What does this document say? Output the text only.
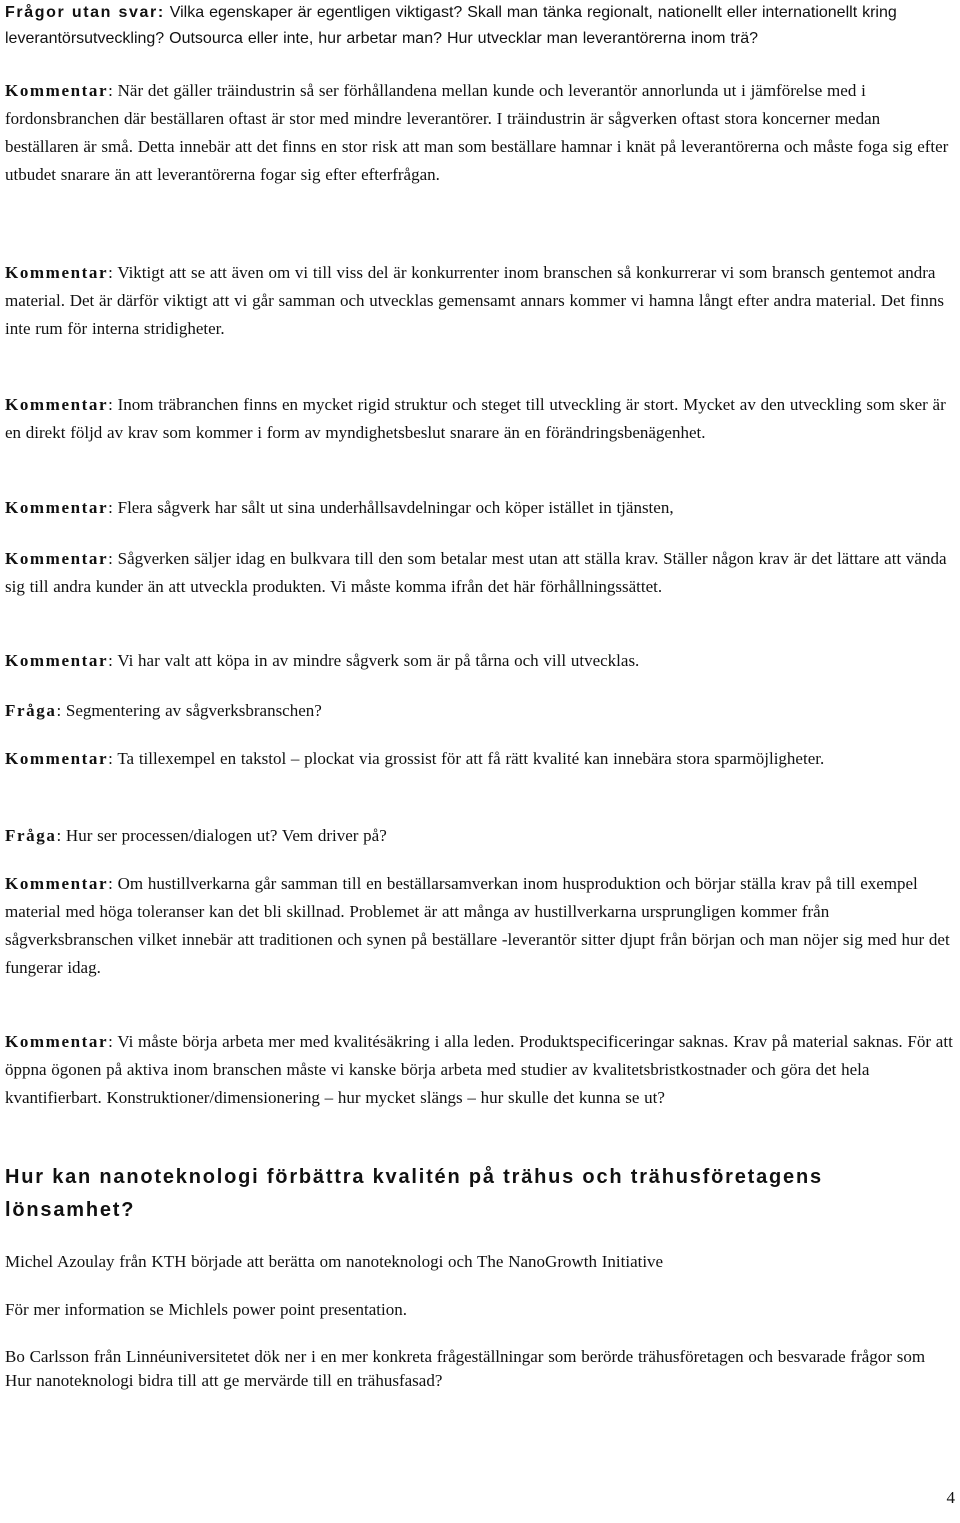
Frågor utan svar: Vilka egenskaper är egentligen viktigast? Skall man tänka regionalt, nationellt eller internationellt kring leverantörsutveckling? Outsourca eller inte, hur arbetar man? Hur utvecklar man leverantörerna inom trä?

Kommentar: När det gäller träindustrin så ser förhållandena mellan kunde och leverantör annorlunda ut i jämförelse med i fordonsbranchen där beställaren oftast är stor med mindre leverantörer. I träindustrin är sågverken oftast stora koncerner medan beställaren är små. Detta innebär att det finns en stor risk att man som beställare hamnar i knät på leverantörerna och måste foga sig efter utbudet snarare än att leverantörerna fogar sig efter efterfrågan.

Kommentar: Viktigt att se att även om vi till viss del är konkurrenter inom branschen så konkurrerar vi som bransch gentemot andra material. Det är därför viktigt att vi går samman och utvecklas gemensamt annars kommer vi hamna långt efter andra material. Det finns inte rum för interna stridigheter.

Kommentar: Inom träbranchen finns en mycket rigid struktur och steget till utveckling är stort. Mycket av den utveckling som sker är en direkt följd av krav som kommer i form av myndighetsbeslut snarare än en förändringsbenägenhet.

Kommentar: Flera sågverk har sålt ut sina underhållsavdelningar och köper istället in tjänsten,

Kommentar: Sågverken säljer idag en bulkvara till den som betalar mest utan att ställa krav. Ställer någon krav är det lättare att vända sig till andra kunder än att utveckla produkten. Vi måste komma ifrån det här förhållningssättet.

Kommentar: Vi har valt att köpa in av mindre sågverk som är på tårna och vill utvecklas.

Fråga: Segmentering av sågverksbranschen?

Kommentar: Ta tillexempel en takstol – plockat via grossist för att få rätt kvalité kan innebära stora sparmöjligheter.

Fråga: Hur ser processen/dialogen ut? Vem driver på?

Kommentar: Om hustillverkarna går samman till en beställarsamverkan inom husproduktion och börjar ställa krav på till exempel material med höga toleranser kan det bli skillnad. Problemet är att många av hustillverkarna ursprungligen kommer från sågverksbranschen vilket innebär att traditionen och synen på beställare -leverantör sitter djupt från början och man nöjer sig med hur det fungerar idag.

Kommentar: Vi måste börja arbeta mer med kvalitésäkring i alla leden. Produktspecificeringar saknas. Krav på material saknas. För att öppna ögonen på aktiva inom branschen måste vi kanske börja arbeta med studier av kvalitetsbristkostnader och göra det hela kvantifierbart. Konstruktioner/dimensionering – hur mycket slängs – hur skulle det kunna se ut?

Hur kan nanoteknologi förbättra kvalitén på trähus och trähusföretagens lönsamhet?

Michel Azoulay från KTH började att berätta om nanoteknologi och The NanoGrowth Initiative

För mer information se Michlels power point presentation.

Bo Carlsson från Linnéuniversitetet dök ner i en mer konkreta frågeställningar som berörde trähusföretagen och besvarade frågor som Hur nanoteknologi bidra till att ge mervärde till en trähusfasad?

4
